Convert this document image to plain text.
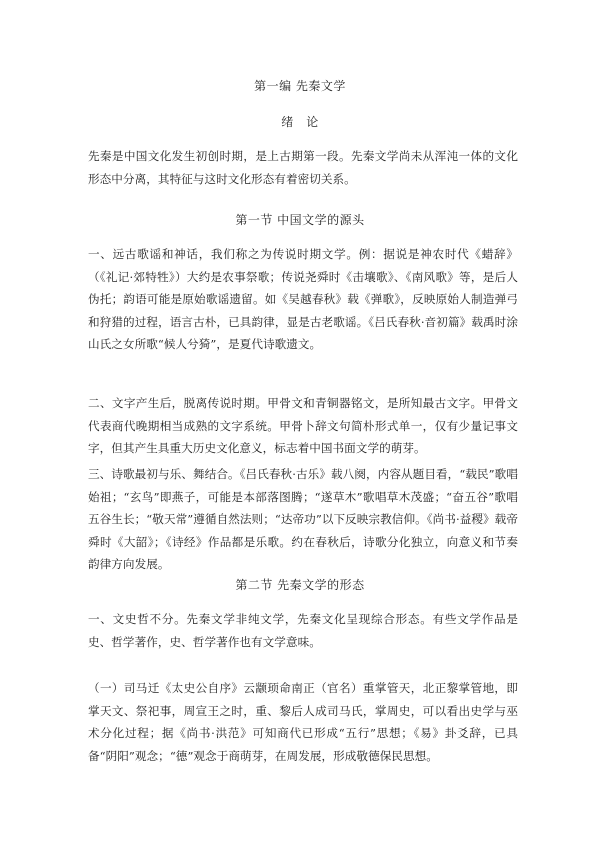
第一编 先秦文学
绪　论
先秦是中国文化发生初创时期，是上古期第一段。先秦文学尚未从浑沌一体的文化形态中分离，其特征与这时文化形态有着密切关系。
第一节 中国文学的源头
一、远古歌谣和神话，我们称之为传说时期文学。例：据说是神农时代《蜡辞》（《礼记·郊特牲》）大约是农事祭歌；传说尧舜时《击壤歌》、《南风歌》等，是后人伪托；韵语可能是原始歌谣遗留。如《吴越春秋》载《弹歌》，反映原始人制造弹弓和狩猎的过程，语言古朴，已具韵律，显是古老歌谣。《吕氏春秋·音初篇》载禹时涂山氏之女所歌“候人兮猗”，是夏代诗歌遗文。
二、文字产生后，脱离传说时期。甲骨文和青铜器铭文，是所知最古文字。甲骨文代表商代晚期相当成熟的文字系统。甲骨卜辞文句简朴形式单一，仅有少量记事文字，但其产生具重大历史文化意义，标志着中国书面文学的萌芽。
三、诗歌最初与乐、舞结合。《吕氏春秋·古乐》载八阕，内容从题目看，“载民”歌唱始祖；“玄鸟”即燕子，可能是本部落图腾；“遂草木”歌唱草木茂盛；“奋五谷”歌唱五谷生长；“敬天常”遵循自然法则；“达帝功”以下反映宗教信仰。《尚书·益稷》载帝舜时《大韶》；《诗经》作品都是乐歌。约在春秋后，诗歌分化独立，向意义和节奏韵律方向发展。
第二节 先秦文学的形态
一、文史哲不分。先秦文学非纯文学，先秦文化呈现综合形态。有些文学作品是史、哲学著作，史、哲学著作也有文学意味。
（一）司马迁《太史公自序》云颛顼命南正（官名）重掌管天，北正黎掌管地，即掌天文、祭祀事，周宣王之时，重、黎后人成司马氏，掌周史，可以看出史学与巫术分化过程；据《尚书·洪范》可知商代已形成“五行”思想；《易》卦爻辞，已具备“阴阳”观念；“德”观念于商萌芽，在周发展，形成敬德保民思想。
